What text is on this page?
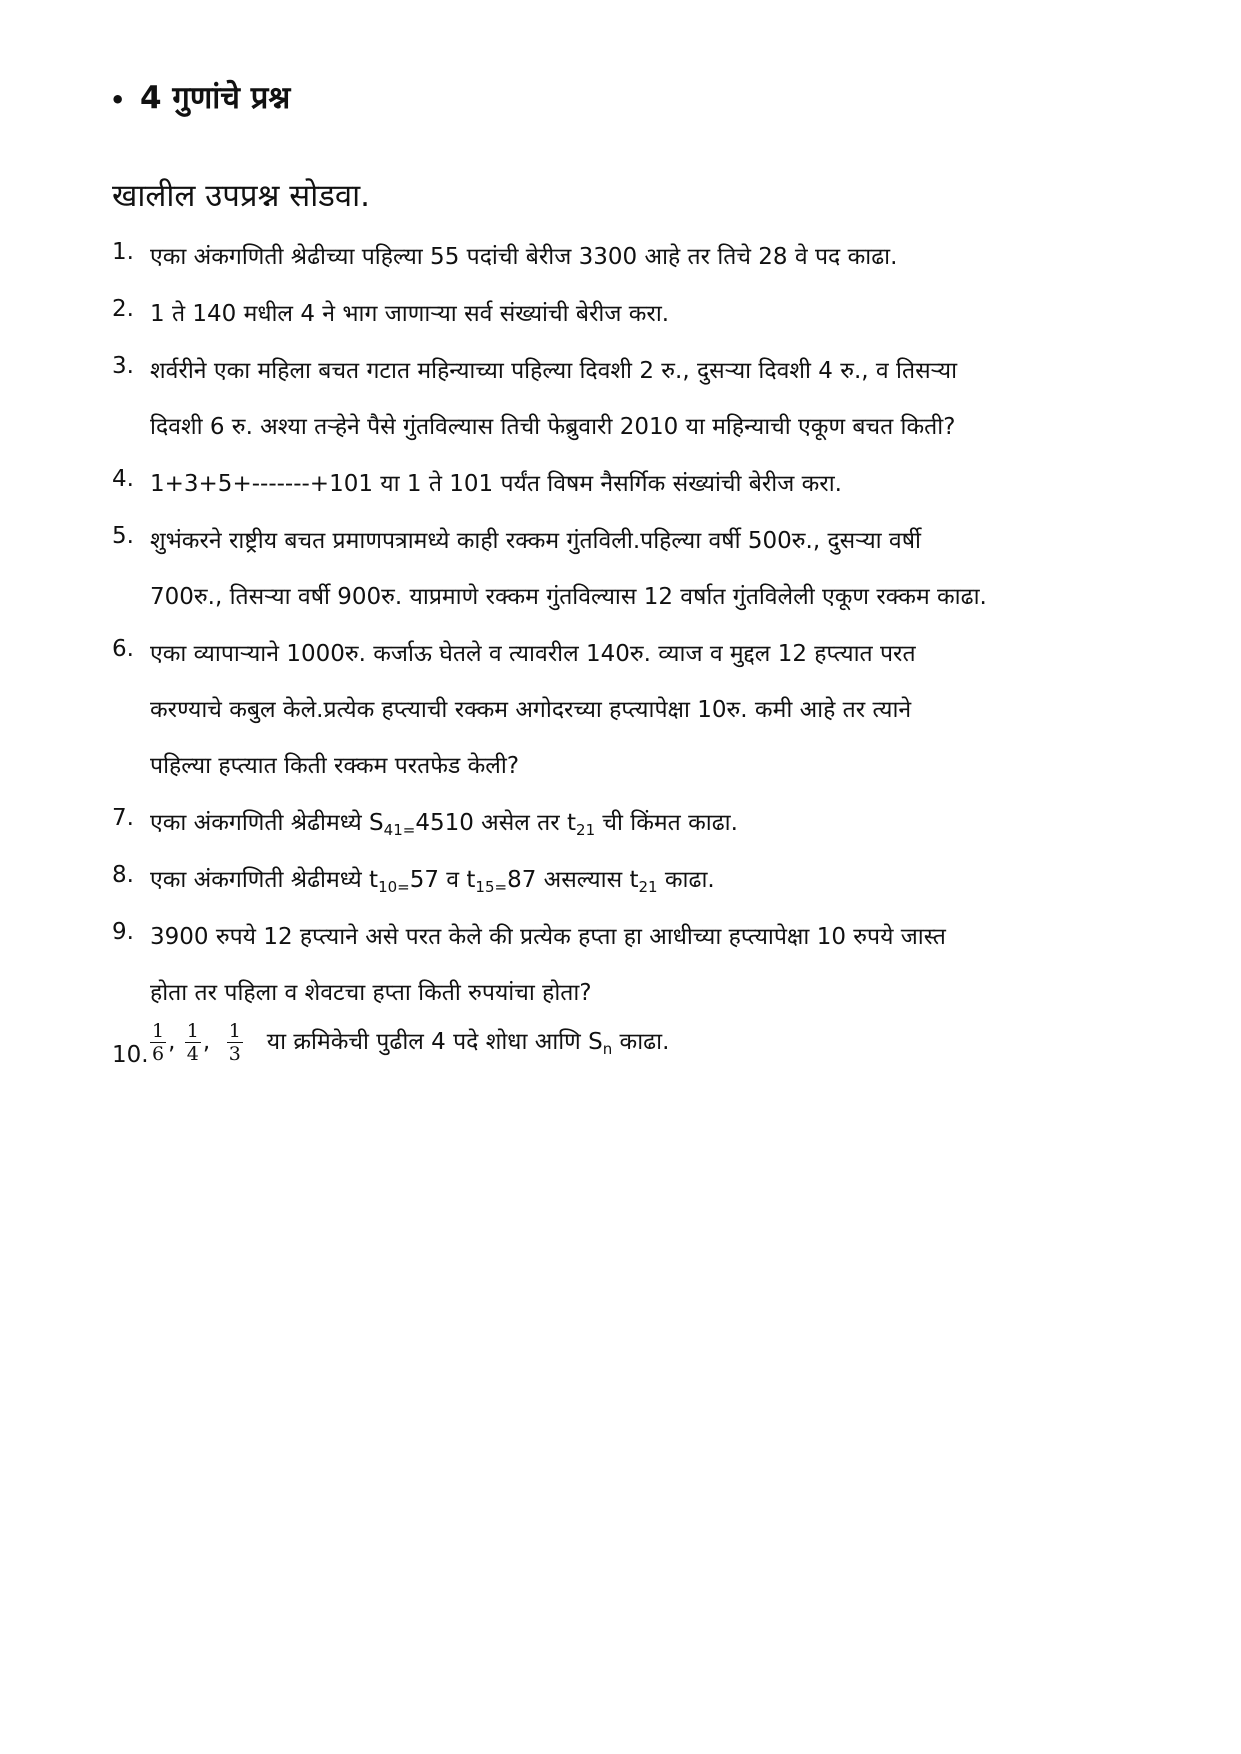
• 4 गुणांचे प्रश्न
खालील उपप्रश्न सोडवा.
1. एका अंकगणिती श्रेढीच्या पहिल्या 55 पदांची बेरीज 3300 आहे तर तिचे 28 वे पद काढा.
2. 1 ते 140 मधील 4 ने भाग जाणाऱ्या सर्व संख्यांची बेरीज करा.
3. शर्वरीने एका महिला बचत गटात महिन्याच्या पहिल्या दिवशी 2 रु., दुसऱ्या दिवशी 4 रु., व तिसऱ्या
दिवशी 6 रु. अश्या तऱ्हेने पैसे गुंतविल्यास तिची फेब्रुवारी 2010 या महिन्याची एकूण बचत किती?
4. 1+3+5+-------+101 या 1 ते 101 पर्यंत विषम नैसर्गिक संख्यांची बेरीज करा.
5. शुभंकरने राष्ट्रीय बचत प्रमाणपत्रामध्ये काही रक्कम गुंतविली.पहिल्या वर्षी 500रु., दुसऱ्या वर्षी
700रु., तिसऱ्या वर्षी 900रु. याप्रमाणे रक्कम गुंतविल्यास 12 वर्षात गुंतविलेली एकूण रक्कम काढा.
6. एका व्यापाऱ्याने 1000रु. कर्जाऊ घेतले व त्यावरील 140रु. व्याज व मुद्दल 12 हप्त्यात परत
करण्याचे कबुल केले.प्रत्येक हप्त्याची रक्कम अगोदरच्या हप्त्यापेक्षा 10रु. कमी आहे तर त्याने
पहिल्या हप्त्यात किती रक्कम परतफेड केली?
7. एका अंकगणिती श्रेढीमध्ये $S_{41=}4510$ असेल तर $t_{21}$ ची किंमत काढा.
8. एका अंकगणिती श्रेढीमध्ये $t_{10=}57$ व $t_{15=}87$ असल्यास $t_{21}$ काढा.
9. 3900 रुपये 12 हप्त्याने असे परत केले की प्रत्येक हप्ता हा आधीच्या हप्त्यापेक्षा 10 रुपये जास्त
होता तर पहिला व शेवटचा हप्ता किती रुपयांचा होता?
10. $\frac{1}{6}$ , $\frac{1}{4}$ , $\frac{1}{3}$ या क्रमिकेची पुढील 4 पदे शोधा आणि $S_n$ काढा.
